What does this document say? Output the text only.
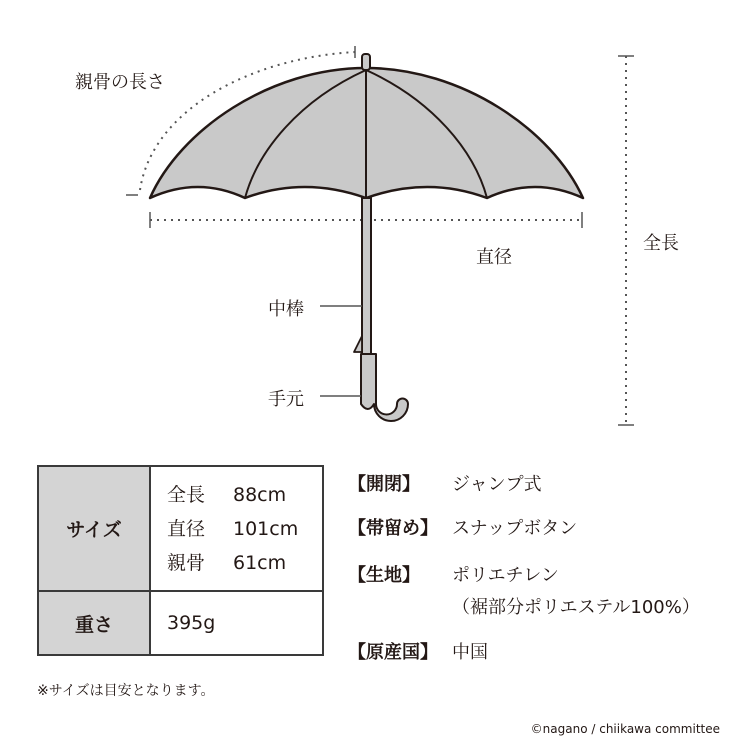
親骨の長さ
直径
全長
中棒
手元
サイズ	全長 88cm
直径 101cm
親骨 61cm

重さ	395g
【開閉】 ジャンプ式
【帯留め】 スナップボタン
【生地】 ポリエチレン
（裾部分ポリエステル100%）
【原産国】 中国
※サイズは目安となります。
©nagano / chiikawa committee
